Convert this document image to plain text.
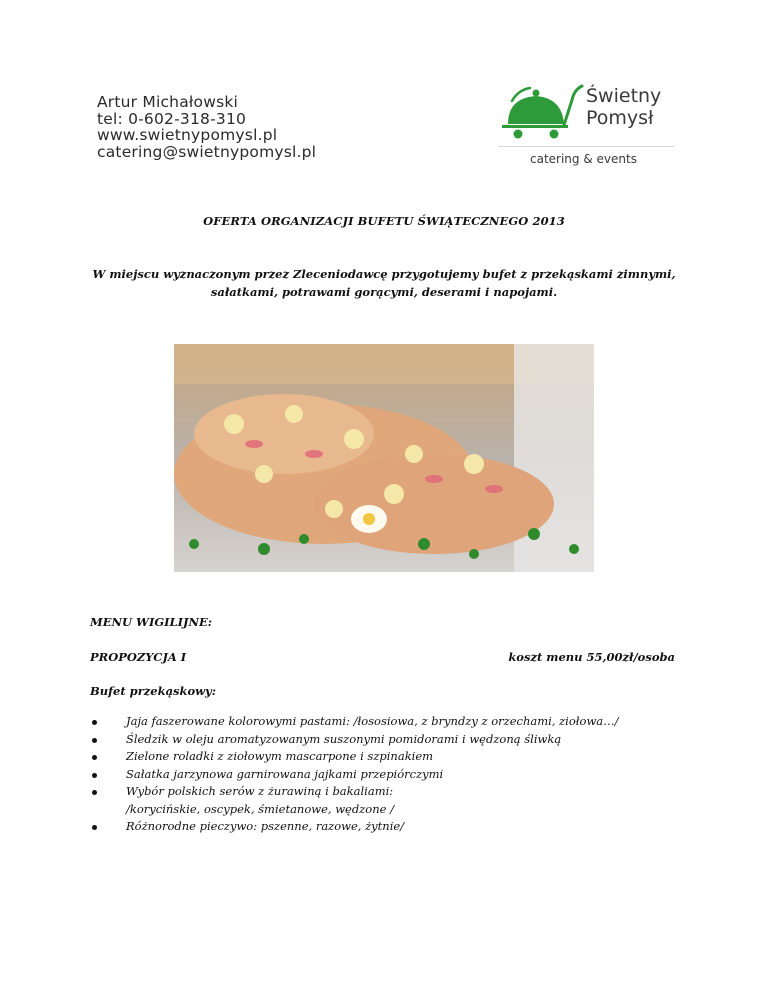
Artur Michałowski
tel: 0-602-318-310
www.swietnypomysl.pl
catering@swietnypomysl.pl
Świetny
Pomysł
catering & events
OFERTA ORGANIZACJI BUFETU ŚWIĄTECZNEGO 2013
W miejscu wyznaczonym przez Zleceniodawcę przygotujemy bufet z przekąskami zimnymi, sałatkami, potrawami gorącymi, deserami i napojami.
MENU WIGILIJNE:
PROPOZYCJA I	koszt menu 55,00zł/osoba
Bufet przekąskowy:
Jaja faszerowane kolorowymi pastami: /łososiowa, z bryndzy z orzechami, ziołowa…/
Śledzik w oleju aromatyzowanym suszonymi pomidorami i wędzoną śliwką
Zielone roladki z ziołowym mascarpone i szpinakiem
Sałatka jarzynowa garnirowana jajkami przepiórczymi
Wybór polskich serów z żurawiną i bakaliami:
/korycińskie, oscypek, śmietanowe, wędzone /
Różnorodne pieczywo: pszenne, razowe, żytnie/
